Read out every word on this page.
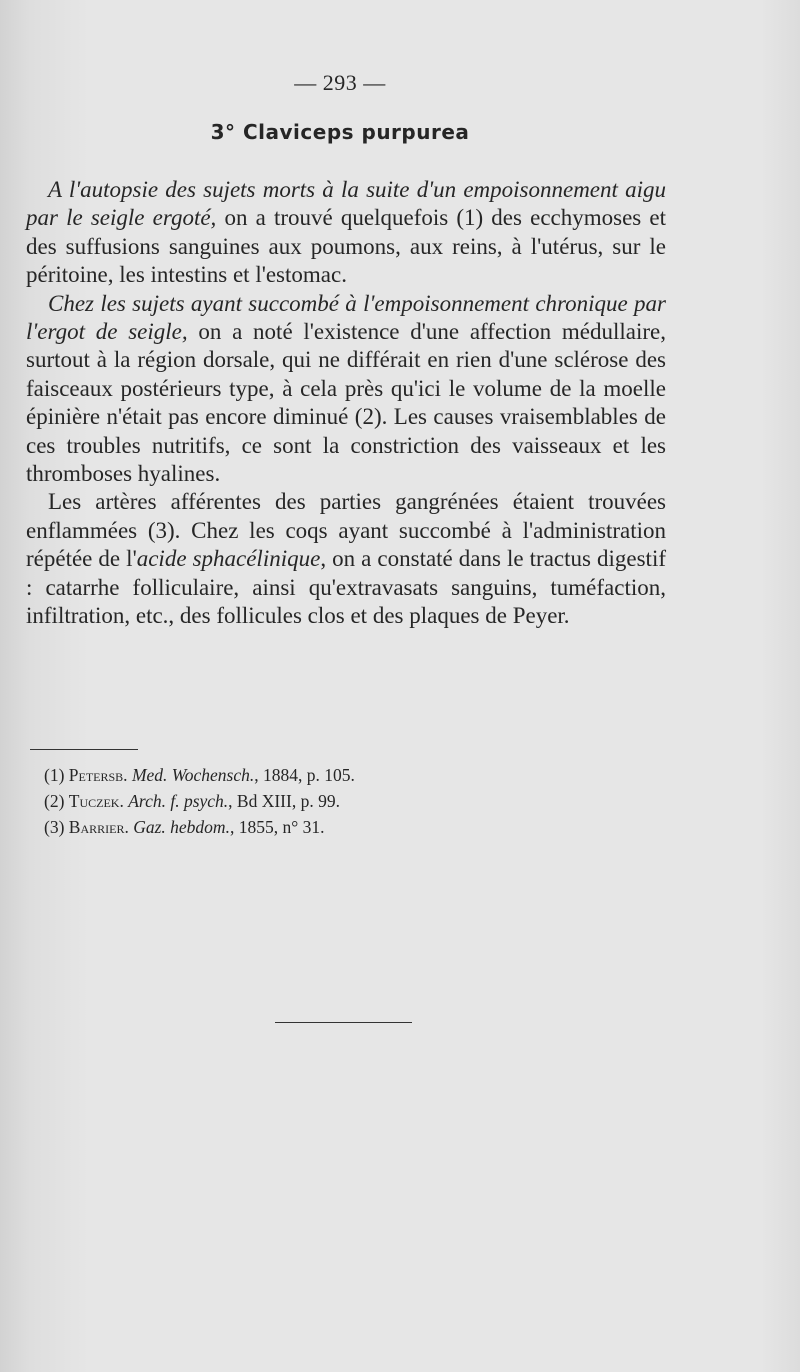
— 293 —
3° Claviceps purpurea

A l'autopsie des sujets morts à la suite d'un empoisonnement aigu par le seigle ergoté, on a trouvé quelquefois (1) des ecchymoses et des suffusions sanguines aux poumons, aux reins, à l'utérus, sur le péritoine, les intestins et l'estomac.

Chez les sujets ayant succombé à l'empoisonnement chronique par l'ergot de seigle, on a noté l'existence d'une affection médullaire, surtout à la région dorsale, qui ne différait en rien d'une sclérose des faisceaux postérieurs type, à cela près qu'ici le volume de la moelle épinière n'était pas encore diminué (2). Les causes vraisemblables de ces troubles nutritifs, ce sont la constriction des vaisseaux et les thromboses hyalines.

Les artères afférentes des parties gangrénées étaient trouvées enflammées (3). Chez les coqs ayant succombé à l'administration répétée de l'acide sphacélinique, on a constaté dans le tractus digestif : catarrhe folliculaire, ainsi qu'extravasats sanguins, tuméfaction, infiltration, etc., des follicules clos et des plaques de Peyer.

(1) Petersb. Med. Wochensch., 1884, p. 105.
(2) Tuczek. Arch. f. psych., Bd XIII, p. 99.
(3) Barrier. Gaz. hebdom., 1855, n° 31.
